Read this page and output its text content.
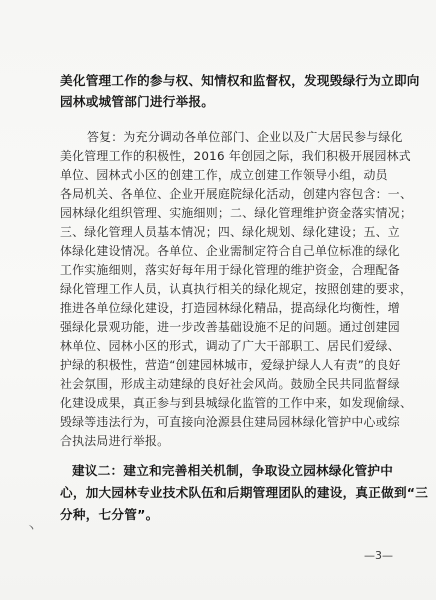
美化管理工作的参与权、知情权和监督权，发现毁绿行为立即向
园林或城管部门进行举报。
答复：为充分调动各单位部门、企业以及广大居民参与绿化
美化管理工作的积极性，2016 年创园之际，我们积极开展园林式
单位、园林式小区的创建工作，成立创建工作领导小组，动员
各局机关、各单位、企业开展庭院绿化活动，创建内容包含：一、
园林绿化组织管理、实施细则；二、绿化管理维护资金落实情况；
三、绿化管理人员基本情况；四、绿化规划、绿化建设；五、立
体绿化建设情况。各单位、企业需制定符合自己单位标准的绿化
工作实施细则，落实好每年用于绿化管理的维护资金，合理配备
绿化管理工作人员，认真执行相关的绿化规定，按照创建的要求，
推进各单位绿化建设，打造园林绿化精品，提高绿化均衡性，增
强绿化景观功能，进一步改善基础设施不足的问题。通过创建园
林单位、园林小区的形式，调动了广大干部职工、居民们爱绿、
护绿的积极性，营造“创建园林城市，爱绿护绿人人有责”的良好
社会氛围，形成主动建绿的良好社会风尚。鼓励全民共同监督绿
化建设成果，真正参与到县城绿化监管的工作中来，如发现偷绿、
毁绿等违法行为，可直接向沧源县住建局园林绿化管护中心或综
合执法局进行举报。
建议二：建立和完善相关机制，争取设立园林绿化管护中
心，加大园林专业技术队伍和后期管理团队的建设，真正做到“三
分种，七分管”。
丶
—3—
